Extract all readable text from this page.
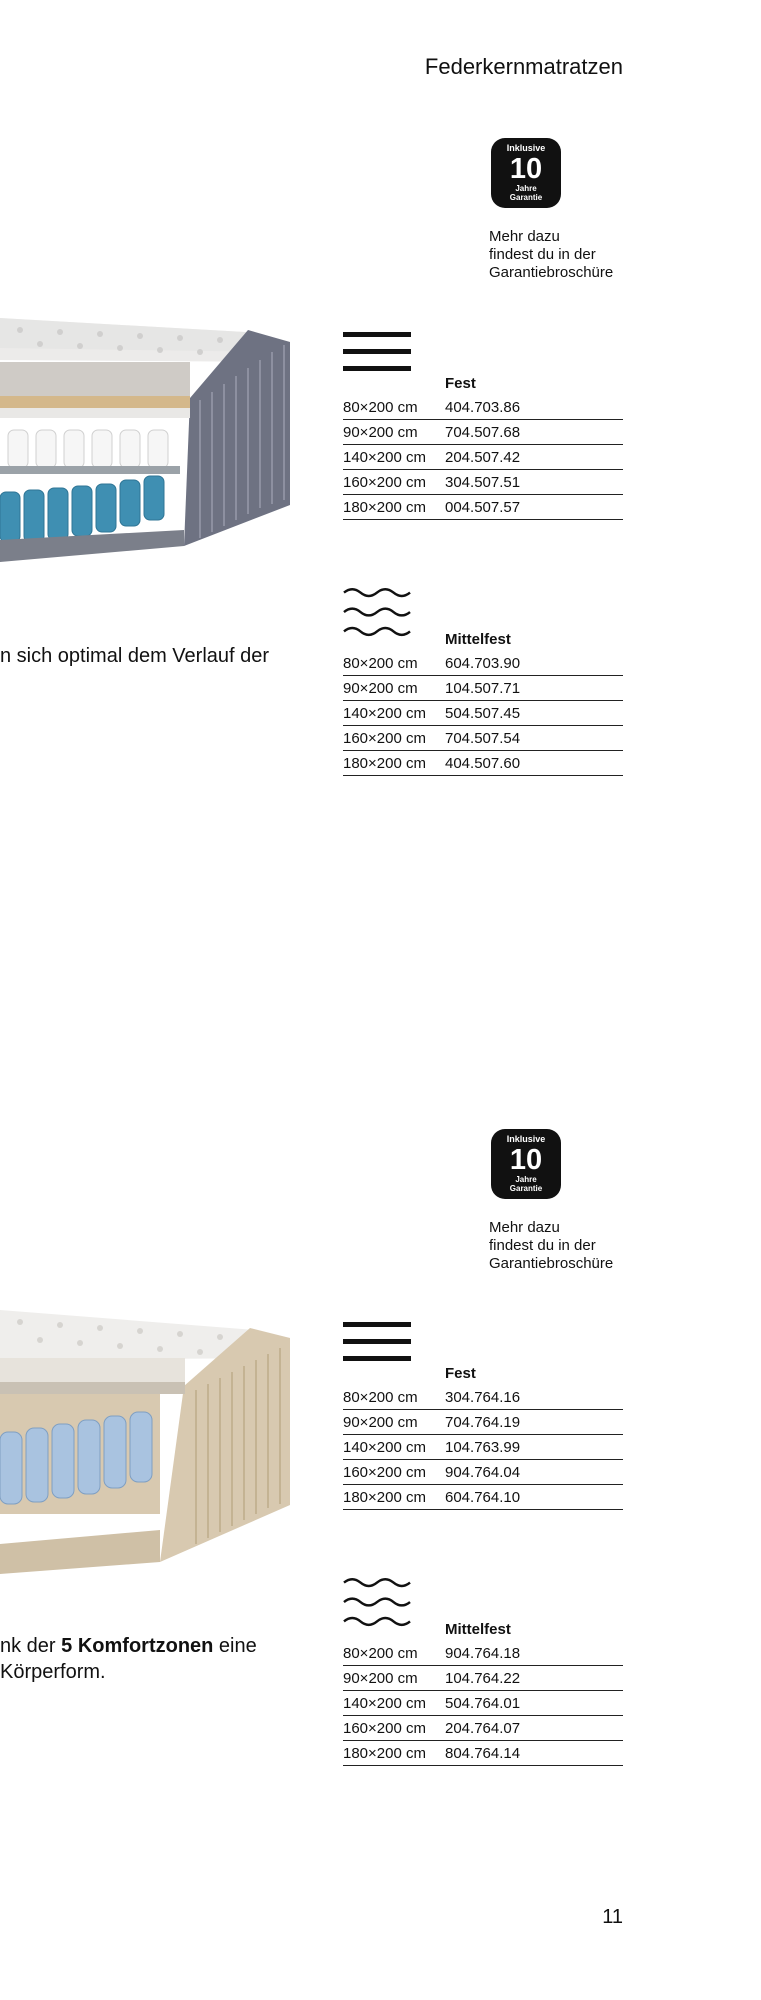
Federkernmatratzen
Inklusive
10
Jahre
Garantie
Mehr dazu
findest du in der
Garantiebroschüre
Fest
80×200 cm	404.703.86
90×200 cm	704.507.68
140×200 cm	204.507.42
160×200 cm	304.507.51
180×200 cm	004.507.57
Mittelfest
80×200 cm	604.703.90
90×200 cm	104.507.71
140×200 cm	504.507.45
160×200 cm	704.507.54
180×200 cm	404.507.60
n sich optimal dem Verlauf der
Inklusive
10
Jahre
Garantie
Mehr dazu
findest du in der
Garantiebroschüre
Fest
80×200 cm	304.764.16
90×200 cm	704.764.19
140×200 cm	104.763.99
160×200 cm	904.764.04
180×200 cm	604.764.10
Mittelfest
80×200 cm	904.764.18
90×200 cm	104.764.22
140×200 cm	504.764.01
160×200 cm	204.764.07
180×200 cm	804.764.14
nk der 5 Komfortzonen eine
Körperform.
11
